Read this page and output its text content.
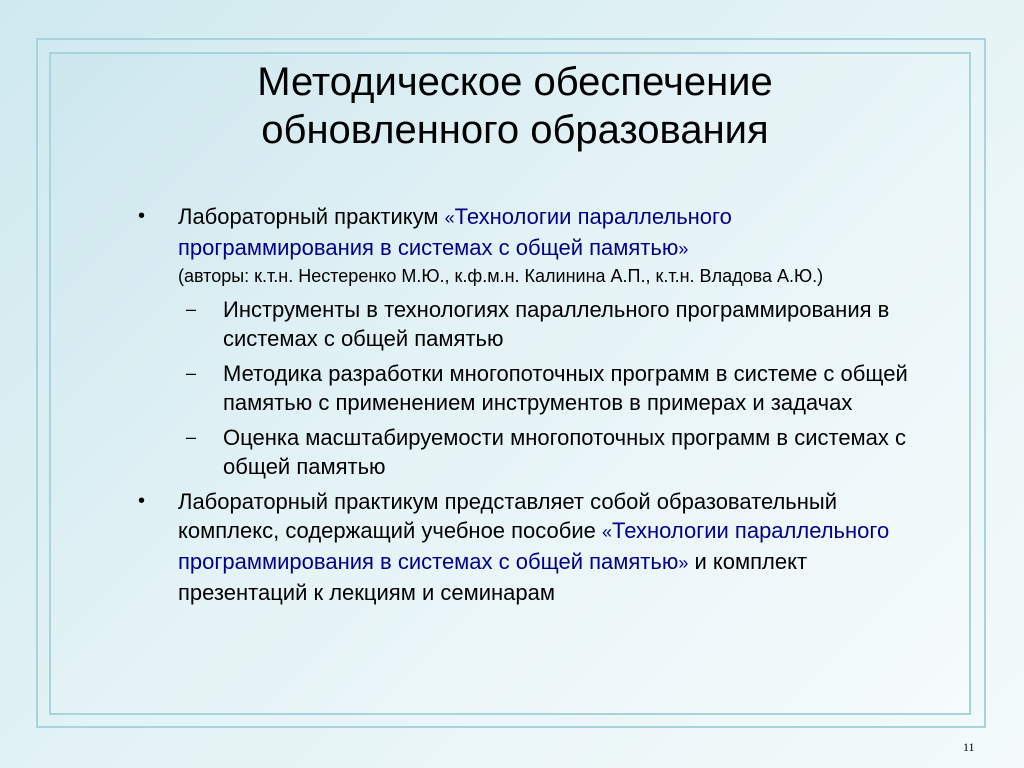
Методическое обеспечение
обновленного образования
• Лабораторный практикум «Технологии параллельного программирования в системах с общей памятью»
(авторы: к.т.н. Нестеренко М.Ю., к.ф.м.н. Калинина А.П., к.т.н. Владова А.Ю.)
– Инструменты в технологиях параллельного программирования в системах с общей памятью
– Методика разработки многопоточных программ в системе с общей памятью с применением инструментов в примерах и задачах
– Оценка масштабируемости многопоточных программ в системах с общей памятью
• Лабораторный практикум представляет собой образовательный комплекс, содержащий учебное пособие «Технологии параллельного программирования в системах с общей памятью» и комплект презентаций к лекциям и семинарам
11
